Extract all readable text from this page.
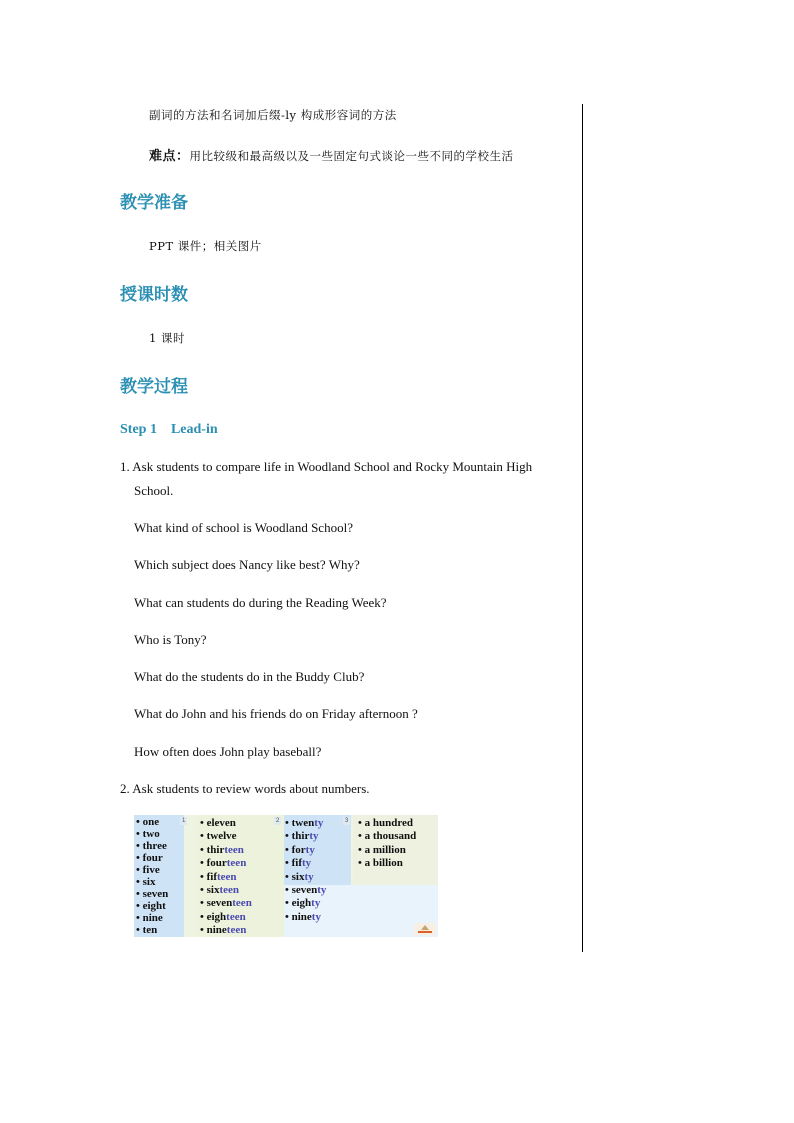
副词的方法和名词加后缀-ly 构成形容词的方法
难点：用比较级和最高级以及一些固定句式谈论一些不同的学校生活
教学准备
PPT 课件；相关图片
授课时数
1 课时
教学过程
Step 1    Lead-in
1. Ask students to compare life in Woodland School and Rocky Mountain High
School.
What kind of school is Woodland School?
Which subject does Nancy like best? Why?
What can students do during the Reading Week?
Who is Tony?
What do the students do in the Buddy Club?
What do John and his friends do on Friday afternoon ?
How often does John play baseball?
2. Ask students to review words about numbers.
1	2	3
• one
• two
• three
• four
• five
• six
• seven
• eight
• nine
• ten
• eleven
• twelve
• thirteen
• fourteen
• fifteen
• sixteen
• seventeen
• eighteen
• nineteen
• twenty
• thirty
• forty
• fifty
• sixty
• seventy
• eighty
• ninety
• a hundred
• a thousand
• a million
• a billion
